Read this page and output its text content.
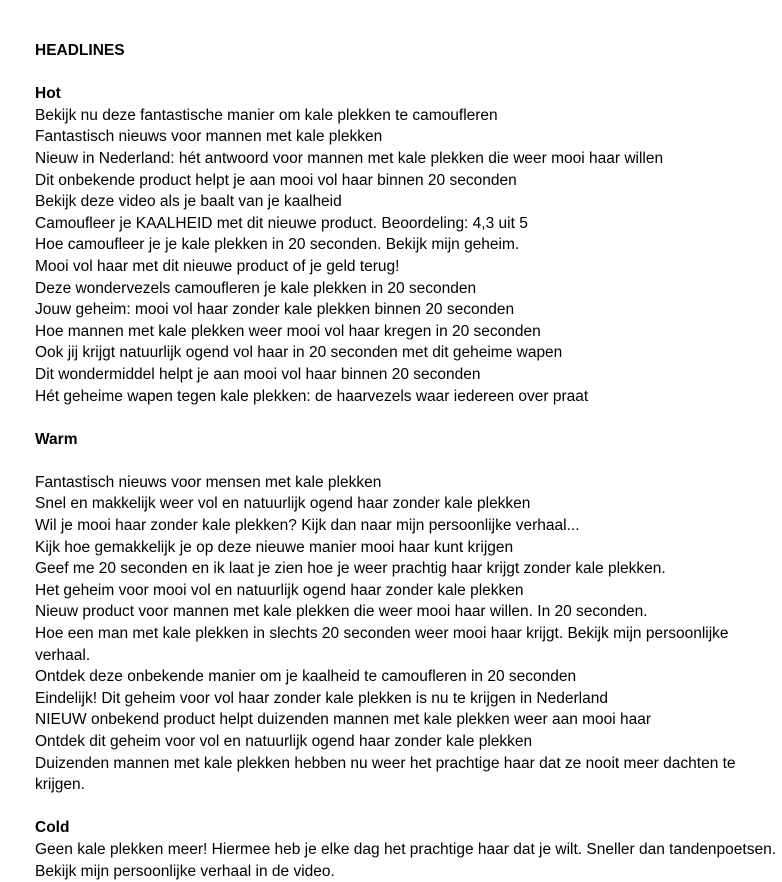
HEADLINES
Hot
Bekijk nu deze fantastische manier om kale plekken te camoufleren
Fantastisch nieuws voor mannen met kale plekken
Nieuw in Nederland: hét antwoord voor mannen met kale plekken die weer mooi haar willen
Dit onbekende product helpt je aan mooi vol haar binnen 20 seconden
Bekijk deze video als je baalt van je kaalheid
Camoufleer je KAALHEID met dit nieuwe product. Beoordeling: 4,3 uit 5
Hoe camoufleer je je kale plekken in 20 seconden. Bekijk mijn geheim.
Mooi vol haar met dit nieuwe product of je geld terug!
Deze wondervezels camoufleren je kale plekken in 20 seconden
Jouw geheim: mooi vol haar zonder kale plekken binnen 20 seconden
Hoe mannen met kale plekken weer mooi vol haar kregen in 20 seconden
Ook jij krijgt natuurlijk ogend vol haar in 20 seconden met dit geheime wapen
Dit wondermiddel helpt je aan mooi vol haar binnen 20 seconden
Hét geheime wapen tegen kale plekken: de haarvezels waar iedereen over praat
Warm
Fantastisch nieuws voor mensen met kale plekken
Snel en makkelijk weer vol en natuurlijk ogend haar zonder kale plekken
Wil je mooi haar zonder kale plekken? Kijk dan naar mijn persoonlijke verhaal...
Kijk hoe gemakkelijk je op deze nieuwe manier mooi haar kunt krijgen
Geef me 20 seconden en ik laat je zien hoe je weer prachtig haar krijgt zonder kale plekken.
Het geheim voor mooi vol en natuurlijk ogend haar zonder kale plekken
Nieuw product voor mannen met kale plekken die weer mooi haar willen. In 20 seconden.
Hoe een man met kale plekken in slechts 20 seconden weer mooi haar krijgt. Bekijk mijn persoonlijke verhaal.
Ontdek deze onbekende manier om je kaalheid te camoufleren in 20 seconden
Eindelijk! Dit geheim voor vol haar zonder kale plekken is nu te krijgen in Nederland
NIEUW onbekend product helpt duizenden mannen met kale plekken weer aan mooi haar
Ontdek dit geheim voor vol en natuurlijk ogend haar zonder kale plekken
Duizenden mannen met kale plekken hebben nu weer het prachtige haar dat ze nooit meer dachten te krijgen.
Cold
Geen kale plekken meer! Hiermee heb je elke dag het prachtige haar dat je wilt. Sneller dan tandenpoetsen. Bekijk mijn persoonlijke verhaal in de video.
